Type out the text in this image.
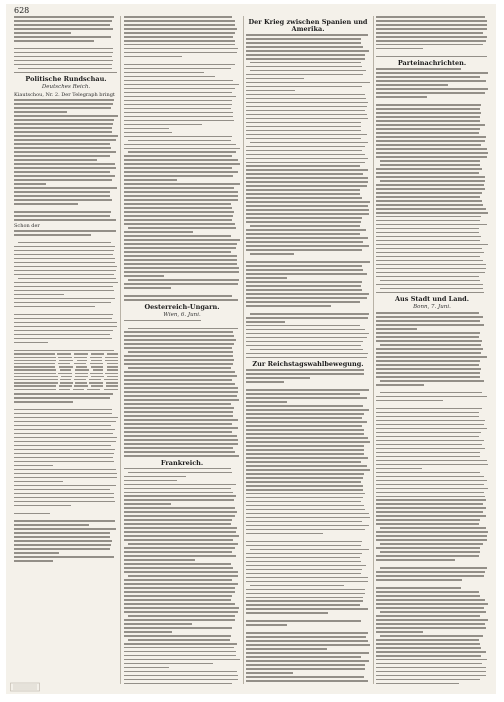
628
Politische Rundschau.
Deutsches Reich.
Kiautschou, Nr. 2. Der Telegraph bringt
Schon der
Oesterreich-Ungarn.
Wien, 6. Juni.
Frankreich.
Der Krieg zwischen Spanien und Amerika.
Zur Reichstagswahlbewegung.
Parteinachrichten.
Aus Stadt und Land.
Bonn, 7. Juni.
